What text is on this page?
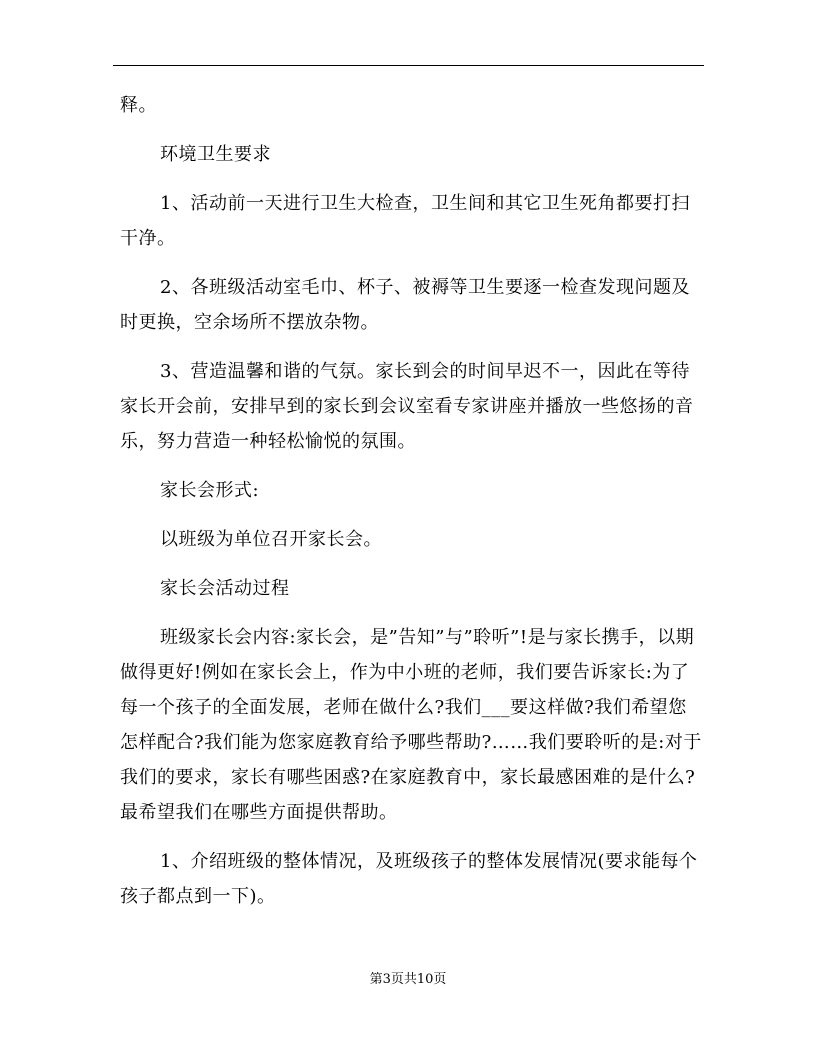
释。

环境卫生要求

1、活动前一天进行卫生大检查，卫生间和其它卫生死角都要打扫干净。

2、各班级活动室毛巾、杯子、被褥等卫生要逐一检查发现问题及时更换，空余场所不摆放杂物。

3、营造温馨和谐的气氛。家长到会的时间早迟不一，因此在等待家长开会前，安排早到的家长到会议室看专家讲座并播放一些悠扬的音乐，努力营造一种轻松愉悦的氛围。

家长会形式:

以班级为单位召开家长会。

家长会活动过程

班级家长会内容:家长会，是”告知”与”聆听”!是与家长携手，以期做得更好!例如在家长会上，作为中小班的老师，我们要告诉家长:为了每一个孩子的全面发展，老师在做什么?我们___要这样做?我们希望您怎样配合?我们能为您家庭教育给予哪些帮助?……我们要聆听的是:对于我们的要求，家长有哪些困惑?在家庭教育中，家长最感困难的是什么?最希望我们在哪些方面提供帮助。

1、介绍班级的整体情况，及班级孩子的整体发展情况(要求能每个孩子都点到一下)。

第3页共10页
